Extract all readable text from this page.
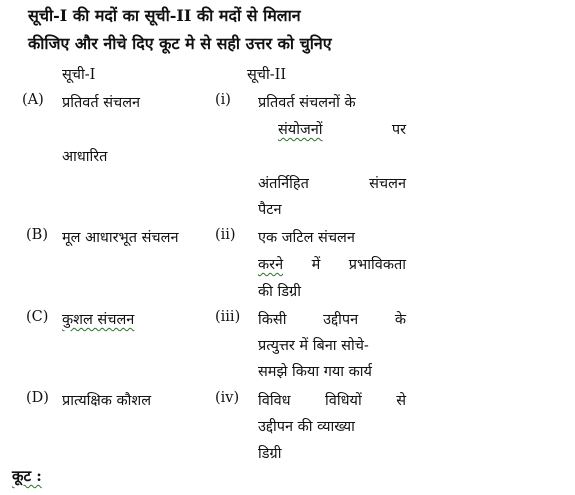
सूची-I की मदों का सूची-II की मदों से मिलान
कीजिए और नीचे दिए कूट मे से सही उत्तर को चुनिए
सूची-I	सूची-II
(A) प्रतिवर्त संचलन
आधारित
(i) प्रतिवर्त संचलनों के
संयोजनों	पर
अंतर्निहित	संचलन
पैटन
(B) मूल आधारभूत संचलन	(ii) एक जटिल संचलन
करने में प्रभाविकता
की डिग्री
(C) कुशल संचलन	(iii) किसी	उद्दीपन	के
प्रत्युत्तर में बिना सोचे-
समझे किया गया कार्य
(D) प्रात्यक्षिक कौशल	(iv) विविध विधियों से
उद्दीपन की व्याख्या
डिग्री
कूट :
